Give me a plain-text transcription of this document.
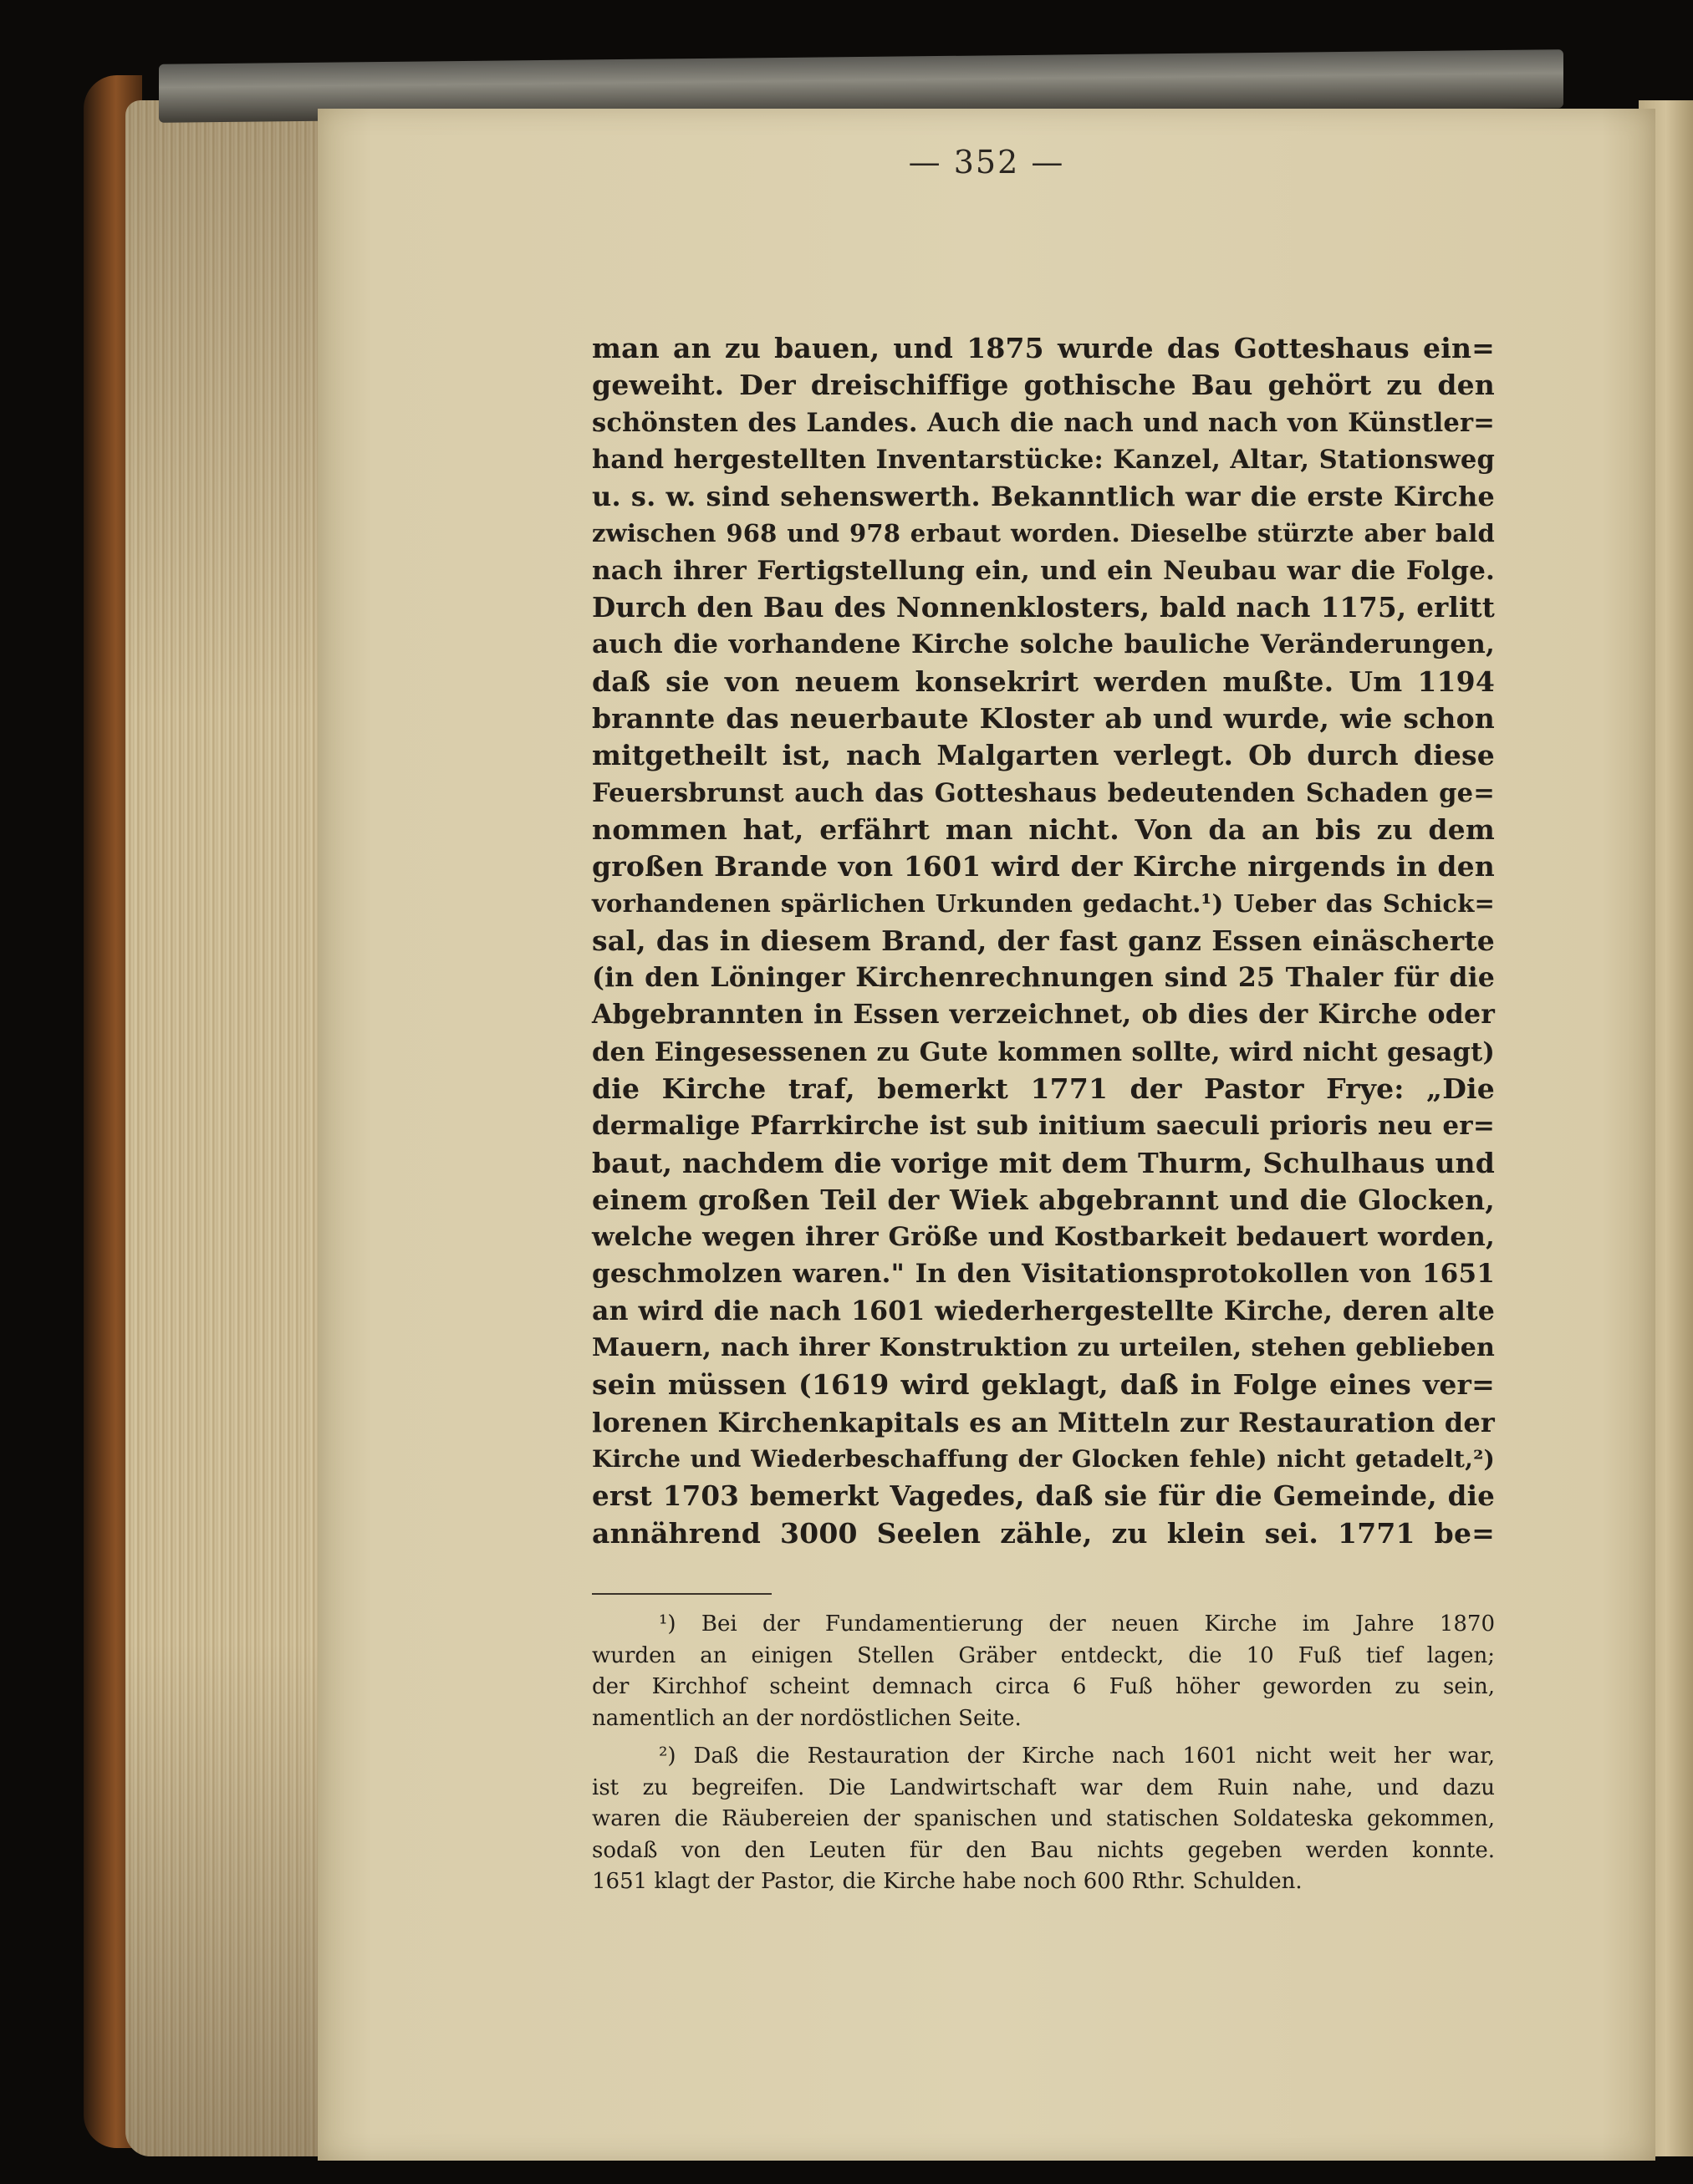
— 352 —
man an zu bauen, und 1875 wurde das Gotteshaus ein=
geweiht. Der dreischiffige gothische Bau gehört zu den
schönsten des Landes. Auch die nach und nach von Künstler=
hand hergestellten Inventarstücke: Kanzel, Altar, Stationsweg
u. s. w. sind sehenswerth. Bekanntlich war die erste Kirche
zwischen 968 und 978 erbaut worden. Dieselbe stürzte aber bald
nach ihrer Fertigstellung ein, und ein Neubau war die Folge.
Durch den Bau des Nonnenklosters, bald nach 1175, erlitt
auch die vorhandene Kirche solche bauliche Veränderungen,
daß sie von neuem konsekrirt werden mußte. Um 1194
brannte das neuerbaute Kloster ab und wurde, wie schon
mitgetheilt ist, nach Malgarten verlegt. Ob durch diese
Feuersbrunst auch das Gotteshaus bedeutenden Schaden ge=
nommen hat, erfährt man nicht. Von da an bis zu dem
großen Brande von 1601 wird der Kirche nirgends in den
vorhandenen spärlichen Urkunden gedacht.¹) Ueber das Schick=
sal, das in diesem Brand, der fast ganz Essen einäscherte
(in den Löninger Kirchenrechnungen sind 25 Thaler für die
Abgebrannten in Essen verzeichnet, ob dies der Kirche oder
den Eingesessenen zu Gute kommen sollte, wird nicht gesagt)
die Kirche traf, bemerkt 1771 der Pastor Frye: „Die
dermalige Pfarrkirche ist sub initium saeculi prioris neu er=
baut, nachdem die vorige mit dem Thurm, Schulhaus und
einem großen Teil der Wiek abgebrannt und die Glocken,
welche wegen ihrer Größe und Kostbarkeit bedauert worden,
geschmolzen waren." In den Visitationsprotokollen von 1651
an wird die nach 1601 wiederhergestellte Kirche, deren alte
Mauern, nach ihrer Konstruktion zu urteilen, stehen geblieben
sein müssen (1619 wird geklagt, daß in Folge eines ver=
lorenen Kirchenkapitals es an Mitteln zur Restauration der
Kirche und Wiederbeschaffung der Glocken fehle) nicht getadelt,²)
erst 1703 bemerkt Vagedes, daß sie für die Gemeinde, die
annährend 3000 Seelen zähle, zu klein sei. 1771 be=
¹) Bei der Fundamentierung der neuen Kirche im Jahre 1870
wurden an einigen Stellen Gräber entdeckt, die 10 Fuß tief lagen;
der Kirchhof scheint demnach circa 6 Fuß höher geworden zu sein,
namentlich an der nordöstlichen Seite.
²) Daß die Restauration der Kirche nach 1601 nicht weit her war,
ist zu begreifen. Die Landwirtschaft war dem Ruin nahe, und dazu
waren die Räubereien der spanischen und statischen Soldateska gekommen,
sodaß von den Leuten für den Bau nichts gegeben werden konnte.
1651 klagt der Pastor, die Kirche habe noch 600 Rthr. Schulden.
